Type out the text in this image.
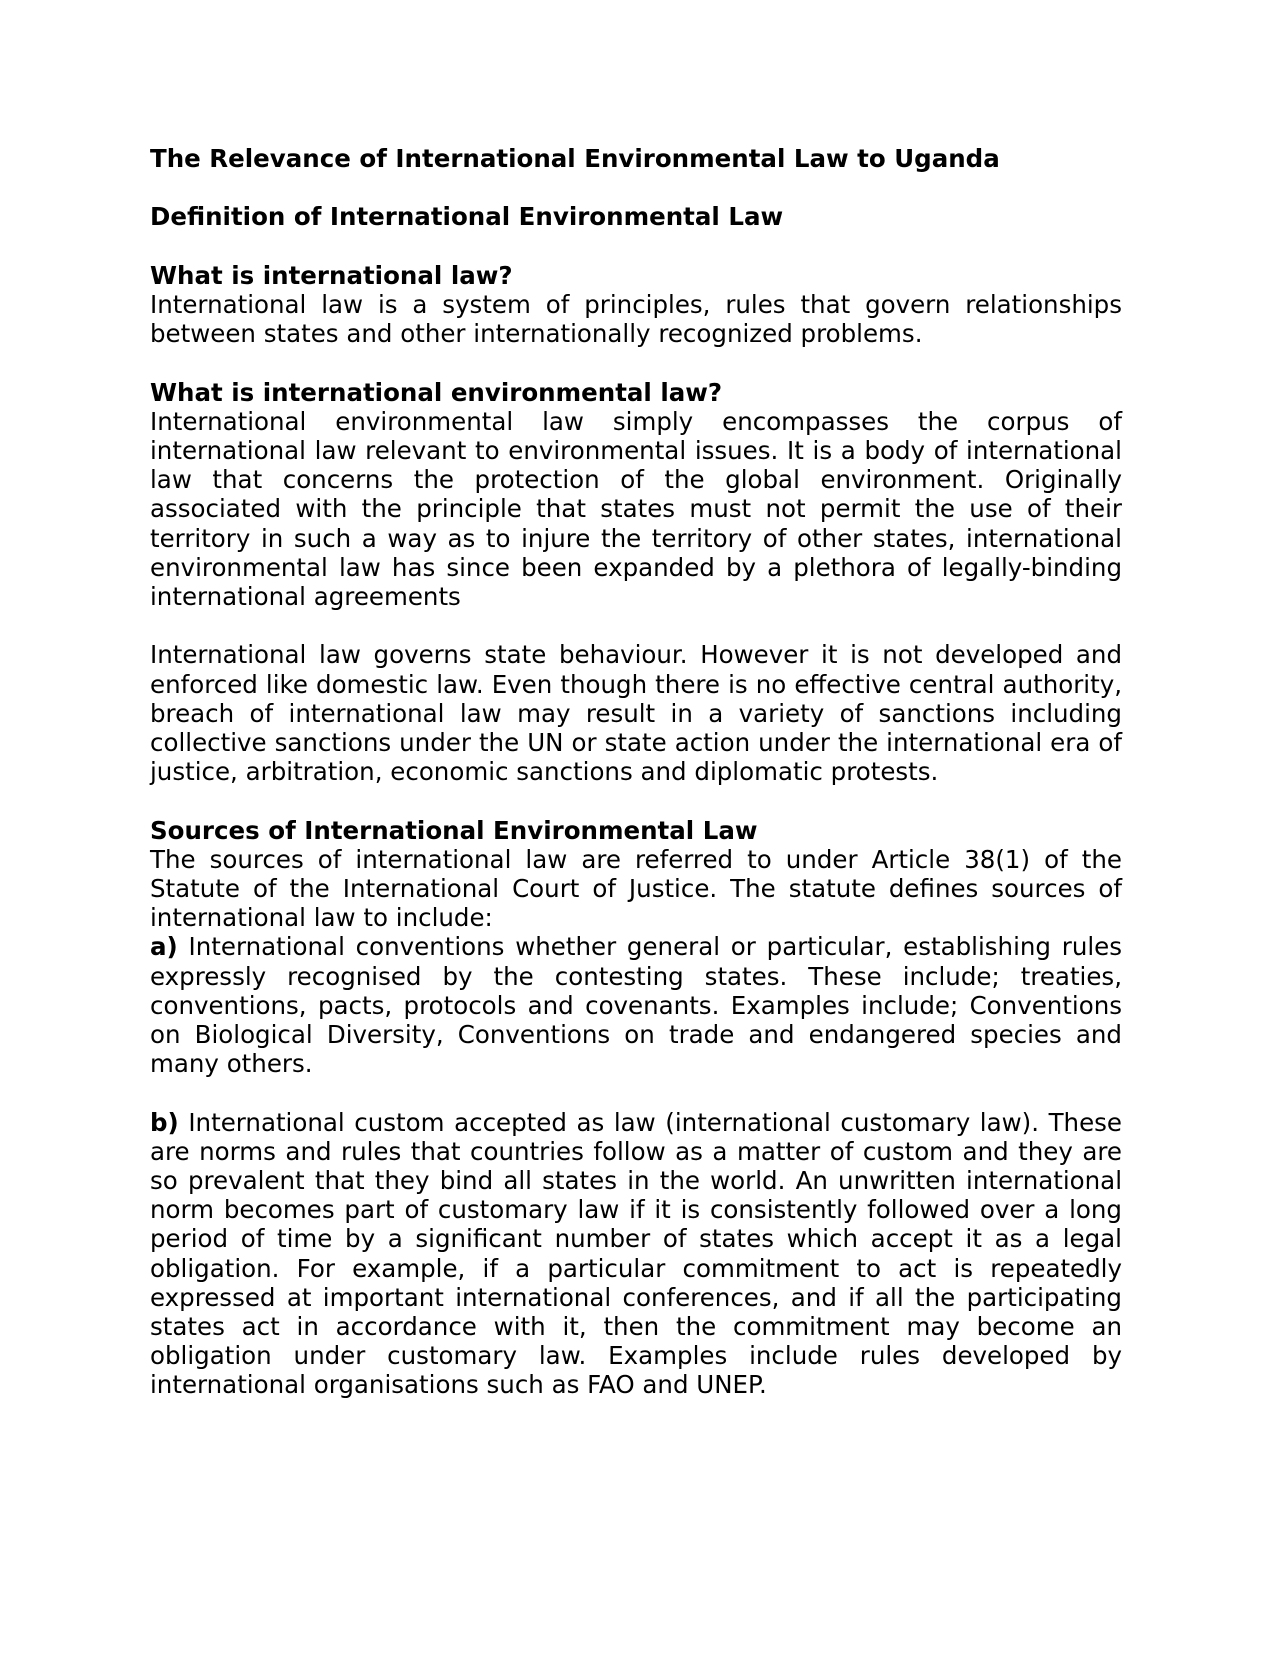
The Relevance of International Environmental Law to Uganda

Definition of International Environmental Law

What is international law?

International law is a system of principles, rules that govern relationships between states and other internationally recognized problems.

What is international environmental law?

International environmental law simply encompasses the corpus of international law relevant to environmental issues. It is a body of international law that concerns the protection of the global environment. Originally associated with the principle that states must not permit the use of their territory in such a way as to injure the territory of other states, international environmental law has since been expanded by a plethora of legally-binding international agreements

International law governs state behaviour. However it is not developed and enforced like domestic law. Even though there is no effective central authority, breach of international law may result in a variety of sanctions including collective sanctions under the UN or state action under the international era of justice, arbitration, economic sanctions and diplomatic protests.

Sources of International Environmental Law

The sources of international law are referred to under Article 38(1) of the Statute of the International Court of Justice. The statute defines sources of international law to include:

a) International conventions whether general or particular, establishing rules expressly recognised by the contesting states. These include; treaties, conventions, pacts, protocols and covenants. Examples include; Conventions on Biological Diversity, Conventions on trade and endangered species and many others.

b) International custom accepted as law (international customary law). These are norms and rules that countries follow as a matter of custom and they are so prevalent that they bind all states in the world. An unwritten international norm becomes part of customary law if it is consistently followed over a long period of time by a significant number of states which accept it as a legal obligation. For example, if a particular commitment to act is repeatedly expressed at important international conferences, and if all the participating states act in accordance with it, then the commitment may become an obligation under customary law. Examples include rules developed by international organisations such as FAO and UNEP.
